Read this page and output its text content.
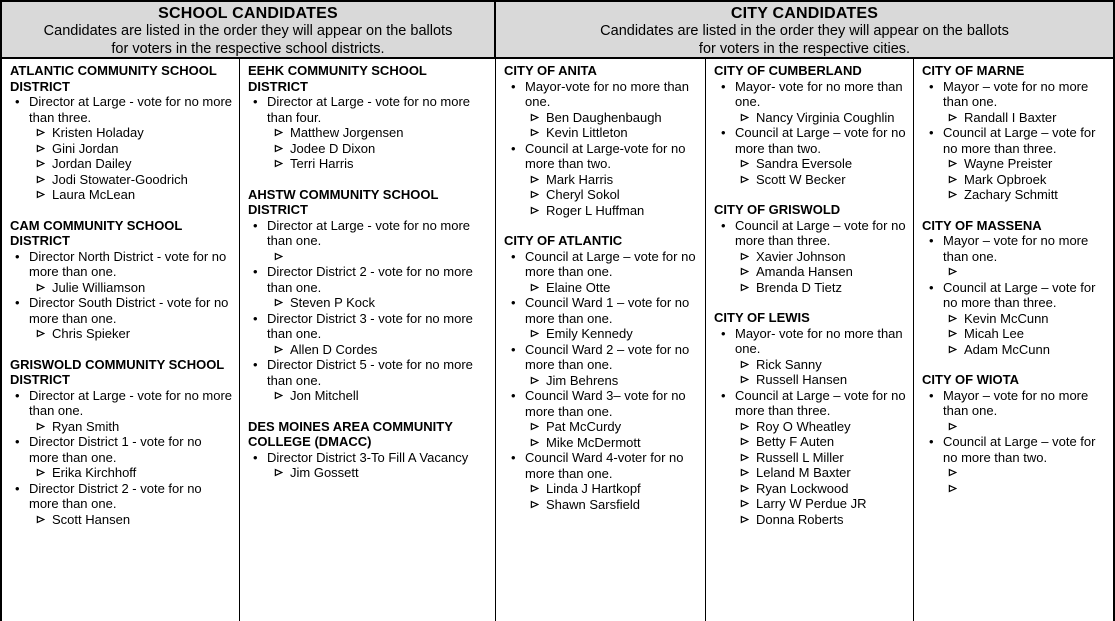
SCHOOL CANDIDATES
Candidates are listed in the order they will appear on the ballots
for voters in the respective school districts.
CITY CANDIDATES
Candidates are listed in the order they will appear on the ballots
for voters in the respective cities.
ATLANTIC COMMUNITY SCHOOL DISTRICT
• Director at Large - vote for no more than three.
Kristen Holaday
Gini Jordan
Jordan Dailey
Jodi Stowater-Goodrich
Laura McLean
CAM COMMUNITY SCHOOL DISTRICT
• Director North District - vote for no more than one.
Julie Williamson
• Director South District - vote for no more than one.
Chris Spieker
GRISWOLD COMMUNITY SCHOOL DISTRICT
• Director at Large - vote for no more than one.
Ryan Smith
• Director District 1 - vote for no more than one.
Erika Kirchhoff
• Director District 2 - vote for no more than one.
Scott Hansen
EEHK COMMUNITY SCHOOL DISTRICT
• Director at Large - vote for no more than four.
Matthew Jorgensen
Jodee D Dixon
Terri Harris
AHSTW COMMUNITY SCHOOL DISTRICT
• Director at Large - vote for no more than one.
• Director District 2 - vote for no more than one.
Steven P Kock
• Director District 3 - vote for no more than one.
Allen D Cordes
• Director District 5 - vote for no more than one.
Jon Mitchell
DES MOINES AREA COMMUNITY COLLEGE (DMACC)
• Director District 3-To Fill A Vacancy
Jim Gossett
CITY OF ANITA
• Mayor-vote for no more than one.
Ben Daughenbaugh
Kevin Littleton
• Council at Large-vote for no more than two.
Mark Harris
Cheryl Sokol
Roger L Huffman
CITY OF ATLANTIC
• Council at Large – vote for no more than one.
Elaine Otte
• Council Ward 1 – vote for no more than one.
Emily Kennedy
• Council Ward 2 – vote for no more than one.
Jim Behrens
• Council Ward 3– vote for no more than one.
Pat McCurdy
Mike McDermott
• Council Ward 4-voter for no more than one.
Linda J Hartkopf
Shawn Sarsfield
CITY OF CUMBERLAND
• Mayor- vote for no more than one.
Nancy Virginia Coughlin
• Council at Large – vote for no more than two.
Sandra Eversole
Scott W Becker
CITY OF GRISWOLD
• Council at Large – vote for no more than three.
Xavier Johnson
Amanda Hansen
Brenda D Tietz
CITY OF LEWIS
• Mayor- vote for no more than one.
Rick Sanny
Russell Hansen
• Council at Large – vote for no more than three.
Roy O Wheatley
Betty F Auten
Russell L Miller
Leland M Baxter
Ryan Lockwood
Larry W Perdue JR
Donna Roberts
CITY OF MARNE
• Mayor – vote for no more than one.
Randall I Baxter
• Council at Large – vote for no more than three.
Wayne Preister
Mark Opbroek
Zachary Schmitt
CITY OF MASSENA
• Mayor – vote for no more than one.
• Council at Large – vote for no more than three.
Kevin McCunn
Micah Lee
Adam McCunn
CITY OF WIOTA
• Mayor – vote for no more than one.
• Council at Large – vote for no more than two.
